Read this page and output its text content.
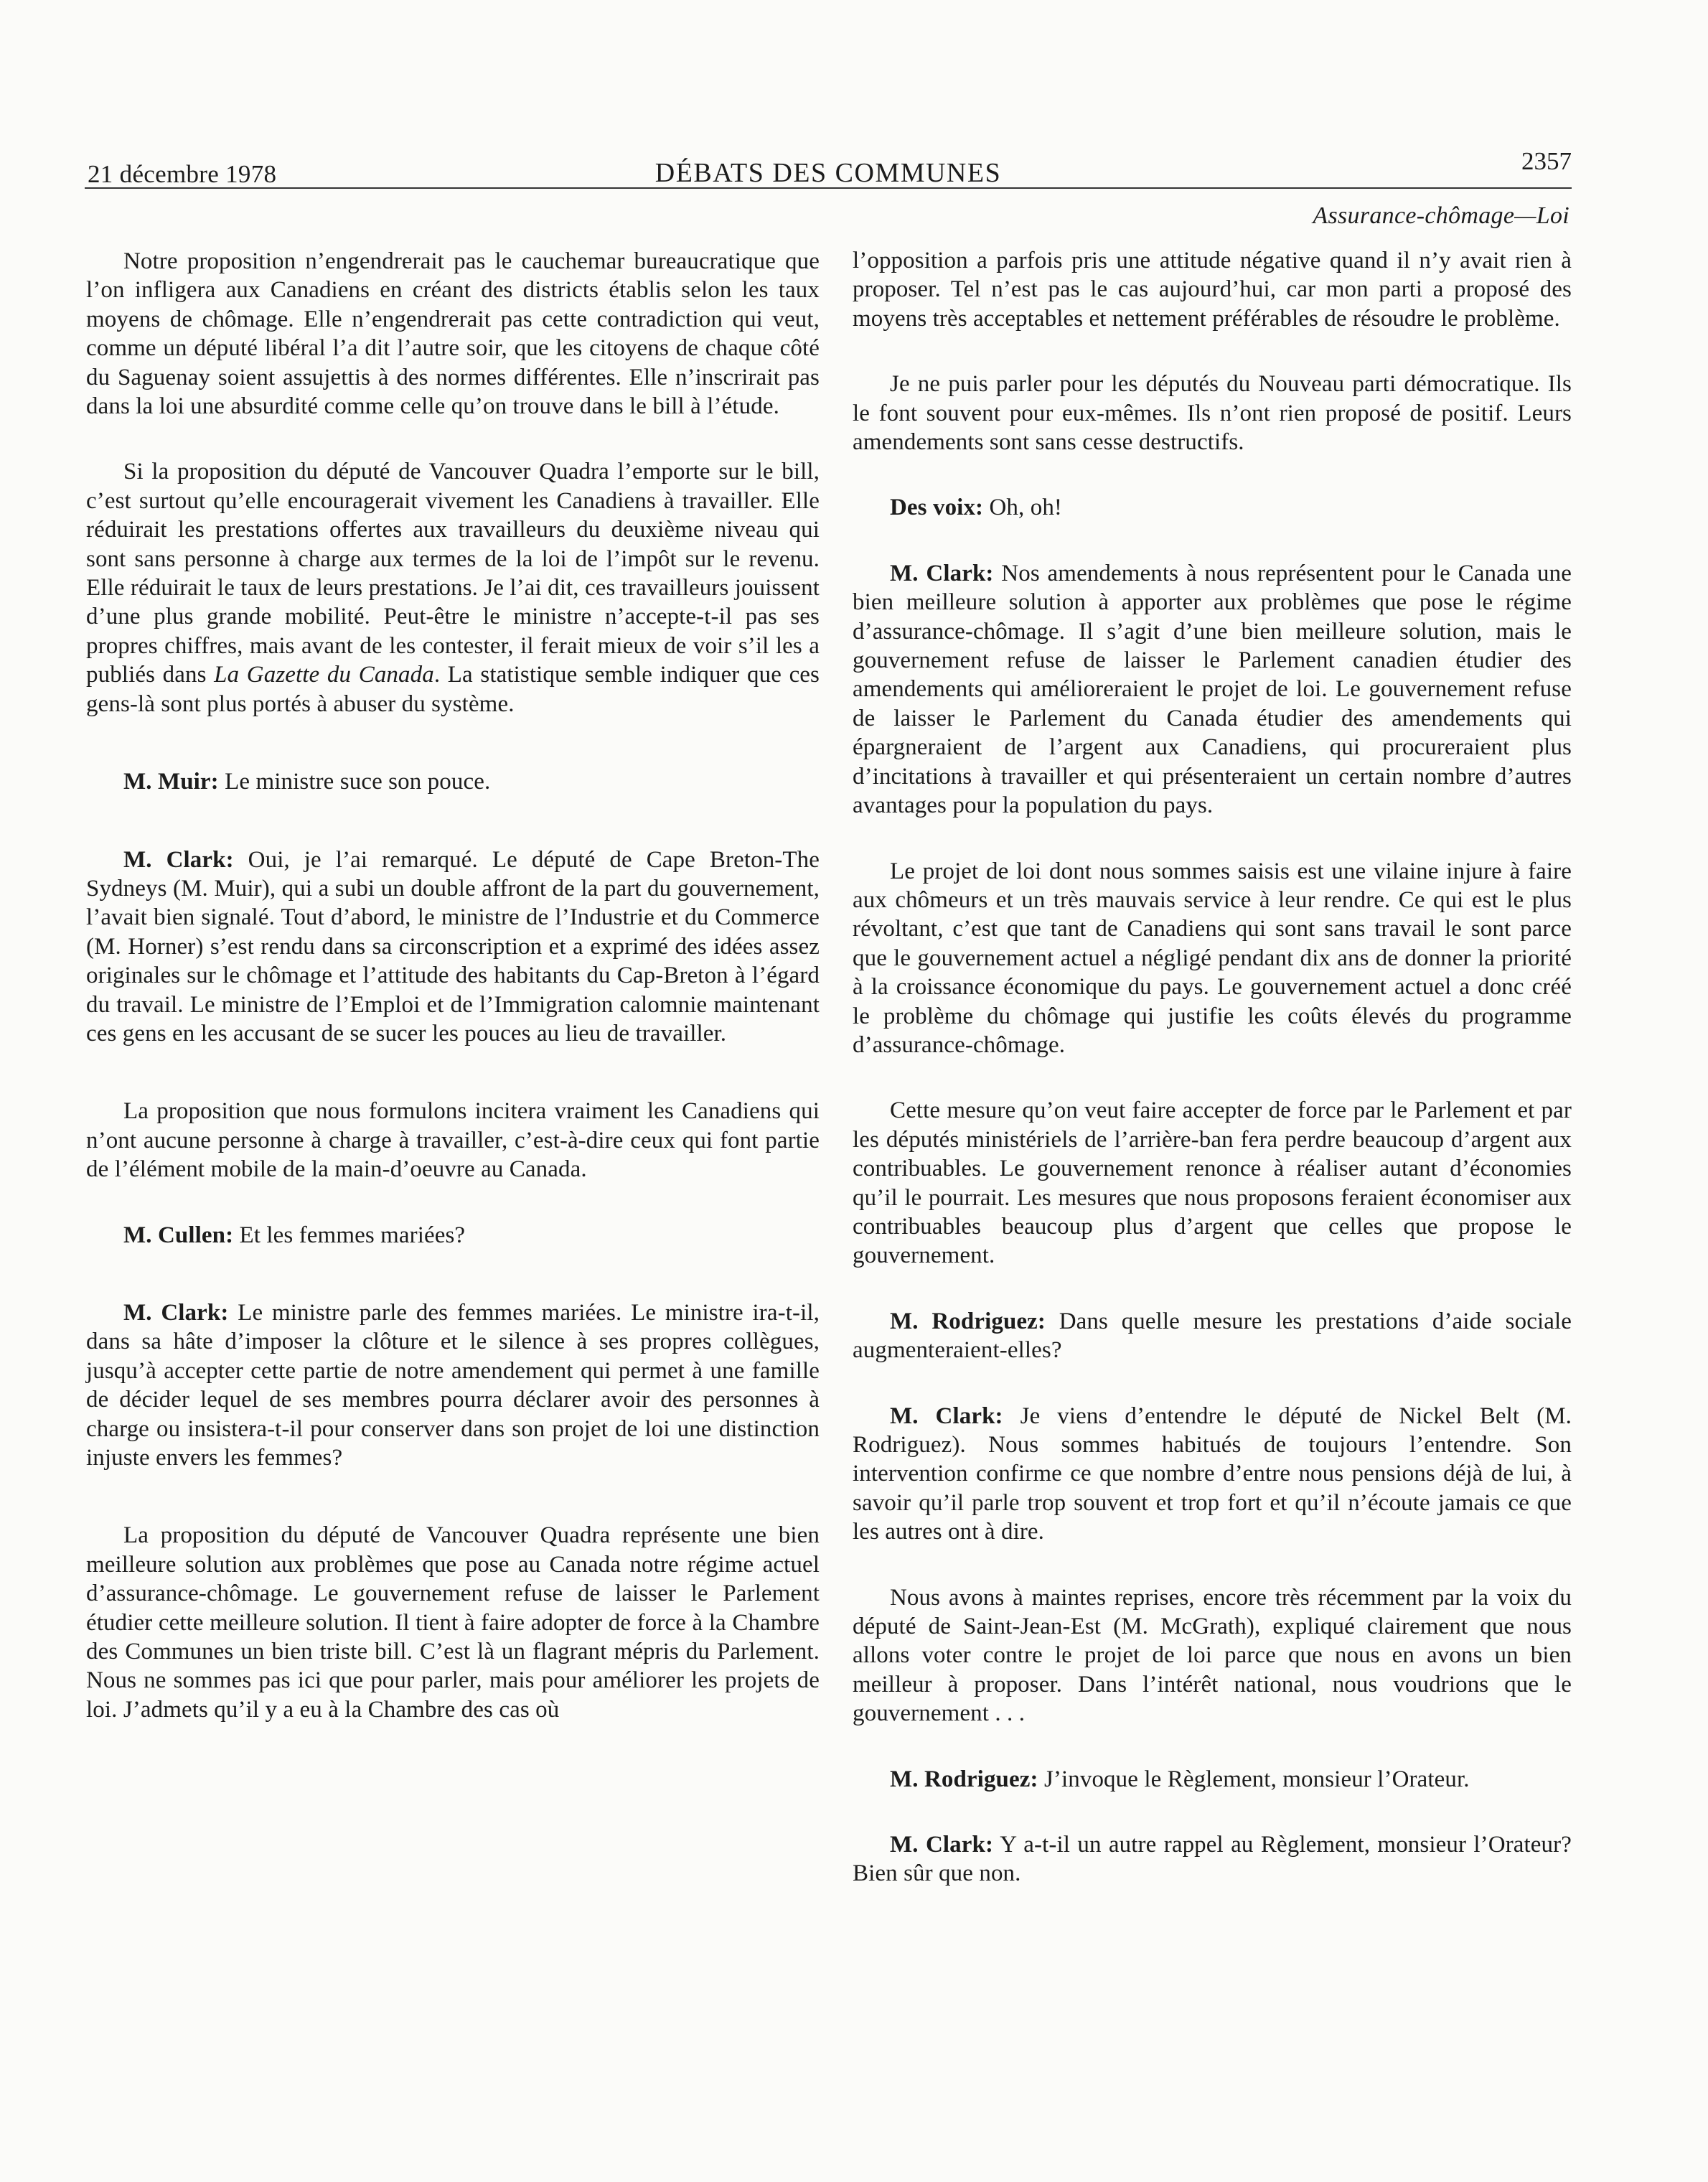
21 décembre 1978	DÉBATS DES COMMUNES	2357
Assurance-chômage—Loi

Notre proposition n’engendrerait pas le cauchemar bureaucratique que l’on infligera aux Canadiens en créant des districts établis selon les taux moyens de chômage. Elle n’engendrerait pas cette contradiction qui veut, comme un député libéral l’a dit l’autre soir, que les citoyens de chaque côté du Saguenay soient assujettis à des normes différentes. Elle n’inscrirait pas dans la loi une absurdité comme celle qu’on trouve dans le bill à l’étude.

Si la proposition du député de Vancouver Quadra l’emporte sur le bill, c’est surtout qu’elle encouragerait vivement les Canadiens à travailler. Elle réduirait les prestations offertes aux travailleurs du deuxième niveau qui sont sans personne à charge aux termes de la loi de l’impôt sur le revenu. Elle réduirait le taux de leurs prestations. Je l’ai dit, ces travailleurs jouissent d’une plus grande mobilité. Peut-être le ministre n’accepte-t-il pas ses propres chiffres, mais avant de les contester, il ferait mieux de voir s’il les a publiés dans La Gazette du Canada. La statistique semble indiquer que ces gens-là sont plus portés à abuser du système.

M. Muir: Le ministre suce son pouce.

M. Clark: Oui, je l’ai remarqué. Le député de Cape Breton-The Sydneys (M. Muir), qui a subi un double affront de la part du gouvernement, l’avait bien signalé. Tout d’abord, le ministre de l’Industrie et du Commerce (M. Horner) s’est rendu dans sa circonscription et a exprimé des idées assez originales sur le chômage et l’attitude des habitants du Cap-Breton à l’égard du travail. Le ministre de l’Emploi et de l’Immigration calomnie maintenant ces gens en les accusant de se sucer les pouces au lieu de travailler.

La proposition que nous formulons incitera vraiment les Canadiens qui n’ont aucune personne à charge à travailler, c’est-à-dire ceux qui font partie de l’élément mobile de la main-d’oeuvre au Canada.

M. Cullen: Et les femmes mariées?

M. Clark: Le ministre parle des femmes mariées. Le ministre ira-t-il, dans sa hâte d’imposer la clôture et le silence à ses propres collègues, jusqu’à accepter cette partie de notre amendement qui permet à une famille de décider lequel de ses membres pourra déclarer avoir des personnes à charge ou insistera-t-il pour conserver dans son projet de loi une distinction injuste envers les femmes?

La proposition du député de Vancouver Quadra représente une bien meilleure solution aux problèmes que pose au Canada notre régime actuel d’assurance-chômage. Le gouvernement refuse de laisser le Parlement étudier cette meilleure solution. Il tient à faire adopter de force à la Chambre des Communes un bien triste bill. C’est là un flagrant mépris du Parlement. Nous ne sommes pas ici que pour parler, mais pour améliorer les projets de loi. J’admets qu’il y a eu à la Chambre des cas où

l’opposition a parfois pris une attitude négative quand il n’y avait rien à proposer. Tel n’est pas le cas aujourd’hui, car mon parti a proposé des moyens très acceptables et nettement préférables de résoudre le problème.

Je ne puis parler pour les députés du Nouveau parti démocratique. Ils le font souvent pour eux-mêmes. Ils n’ont rien proposé de positif. Leurs amendements sont sans cesse destructifs.

Des voix: Oh, oh!

M. Clark: Nos amendements à nous représentent pour le Canada une bien meilleure solution à apporter aux problèmes que pose le régime d’assurance-chômage. Il s’agit d’une bien meilleure solution, mais le gouvernement refuse de laisser le Parlement canadien étudier des amendements qui amélioreraient le projet de loi. Le gouvernement refuse de laisser le Parlement du Canada étudier des amendements qui épargneraient de l’argent aux Canadiens, qui procureraient plus d’incitations à travailler et qui présenteraient un certain nombre d’autres avantages pour la population du pays.

Le projet de loi dont nous sommes saisis est une vilaine injure à faire aux chômeurs et un très mauvais service à leur rendre. Ce qui est le plus révoltant, c’est que tant de Canadiens qui sont sans travail le sont parce que le gouvernement actuel a négligé pendant dix ans de donner la priorité à la croissance économique du pays. Le gouvernement actuel a donc créé le problème du chômage qui justifie les coûts élevés du programme d’assurance-chômage.

Cette mesure qu’on veut faire accepter de force par le Parlement et par les députés ministériels de l’arrière-ban fera perdre beaucoup d’argent aux contribuables. Le gouvernement renonce à réaliser autant d’économies qu’il le pourrait. Les mesures que nous proposons feraient économiser aux contribuables beaucoup plus d’argent que celles que propose le gouvernement.

M. Rodriguez: Dans quelle mesure les prestations d’aide sociale augmenteraient-elles?

M. Clark: Je viens d’entendre le député de Nickel Belt (M. Rodriguez). Nous sommes habitués de toujours l’entendre. Son intervention confirme ce que nombre d’entre nous pensions déjà de lui, à savoir qu’il parle trop souvent et trop fort et qu’il n’écoute jamais ce que les autres ont à dire.

Nous avons à maintes reprises, encore très récemment par la voix du député de Saint-Jean-Est (M. McGrath), expliqué clairement que nous allons voter contre le projet de loi parce que nous en avons un bien meilleur à proposer. Dans l’intérêt national, nous voudrions que le gouvernement . . .

M. Rodriguez: J’invoque le Règlement, monsieur l’Orateur.

M. Clark: Y a-t-il un autre rappel au Règlement, monsieur l’Orateur? Bien sûr que non.
